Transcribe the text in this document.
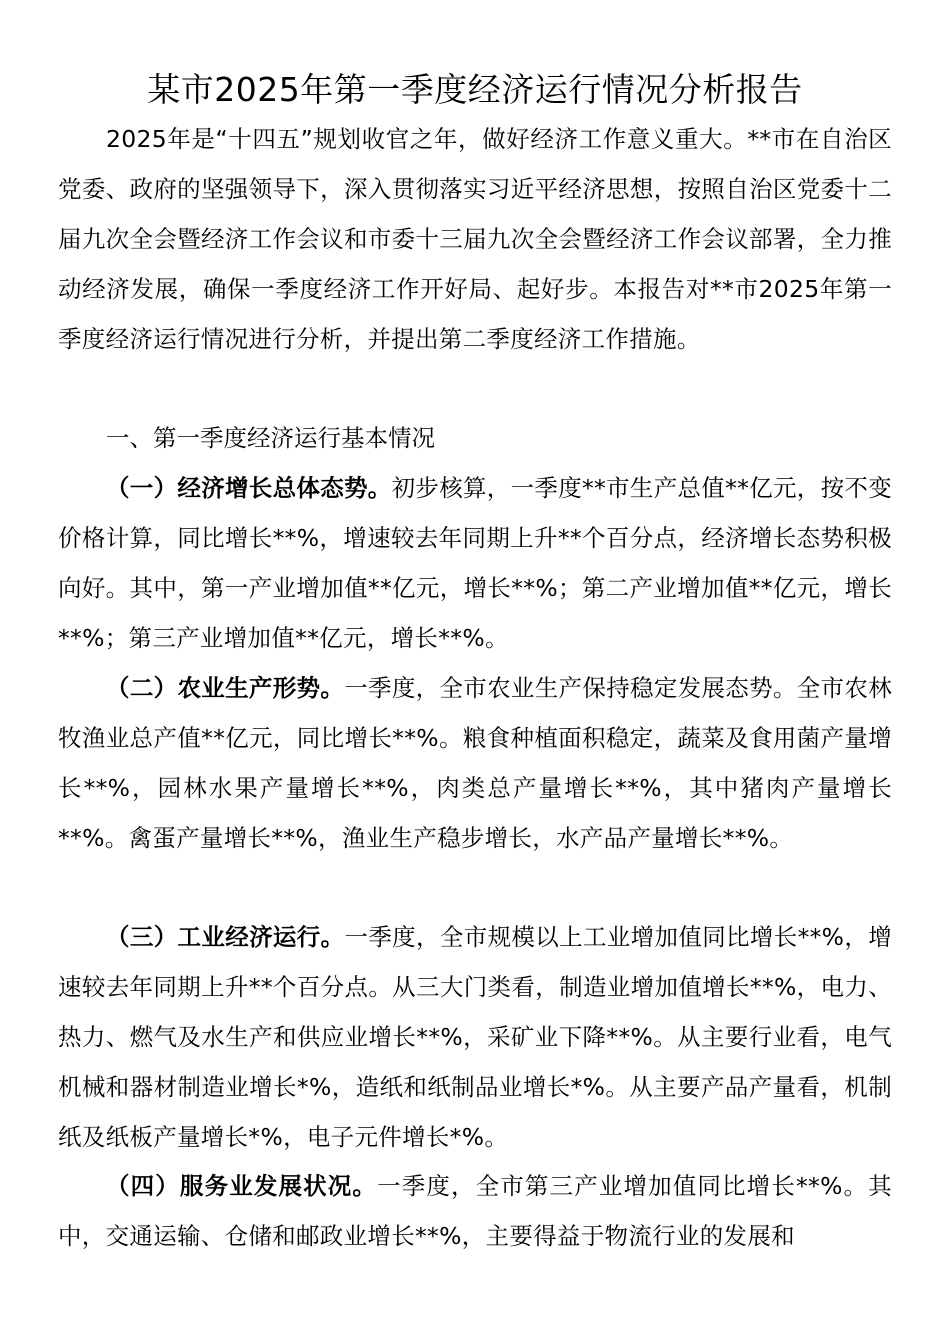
某市2025年第一季度经济运行情况分析报告

2025年是“十四五”规划收官之年，做好经济工作意义重大。**市在自治区党委、政府的坚强领导下，深入贯彻落实习近平经济思想，按照自治区党委十二届九次全会暨经济工作会议和市委十三届九次全会暨经济工作会议部署，全力推动经济发展，确保一季度经济工作开好局、起好步。本报告对**市2025年第一季度经济运行情况进行分析，并提出第二季度经济工作措施。

一、第一季度经济运行基本情况

（一）经济增长总体态势。初步核算，一季度**市生产总值**亿元，按不变价格计算，同比增长**%，增速较去年同期上升**个百分点，经济增长态势积极向好。其中，第一产业增加值**亿元，增长**%；第二产业增加值**亿元，增长**%；第三产业增加值**亿元，增长**%。

（二）农业生产形势。一季度，全市农业生产保持稳定发展态势。全市农林牧渔业总产值**亿元，同比增长**%。粮食种植面积稳定，蔬菜及食用菌产量增长**%，园林水果产量增长**%，肉类总产量增长**%，其中猪肉产量增长**%。禽蛋产量增长**%，渔业生产稳步增长，水产品产量增长**%。

（三）工业经济运行。一季度，全市规模以上工业增加值同比增长**%，增速较去年同期上升**个百分点。从三大门类看，制造业增加值增长**%，电力、热力、燃气及水生产和供应业增长**%，采矿业下降**%。从主要行业看，电气机械和器材制造业增长*%，造纸和纸制品业增长*%。从主要产品产量看，机制纸及纸板产量增长*%，电子元件增长*%。

（四）服务业发展状况。一季度，全市第三产业增加值同比增长**%。其中，交通运输、仓储和邮政业增长**%，主要得益于物流行业的发展和
